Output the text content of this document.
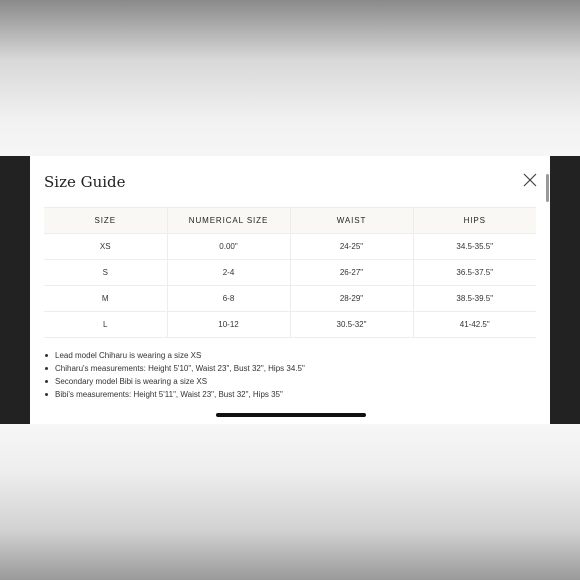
Size Guide
SIZE	NUMERICAL SIZE	WAIST	HIPS
XS	0.00"	24-25"	34.5-35.5"
S	2-4	26-27"	36.5-37.5"
M	6-8	28-29"	38.5-39.5"
L	10-12	30.5-32"	41-42.5"
Lead model Chiharu is wearing a size XS
Chiharu's measurements: Height 5'10", Waist 23", Bust 32", Hips 34.5"
Secondary model Bibi is wearing a size XS
Bibi's measurements: Height 5'11", Waist 23", Bust 32", Hips 35"
